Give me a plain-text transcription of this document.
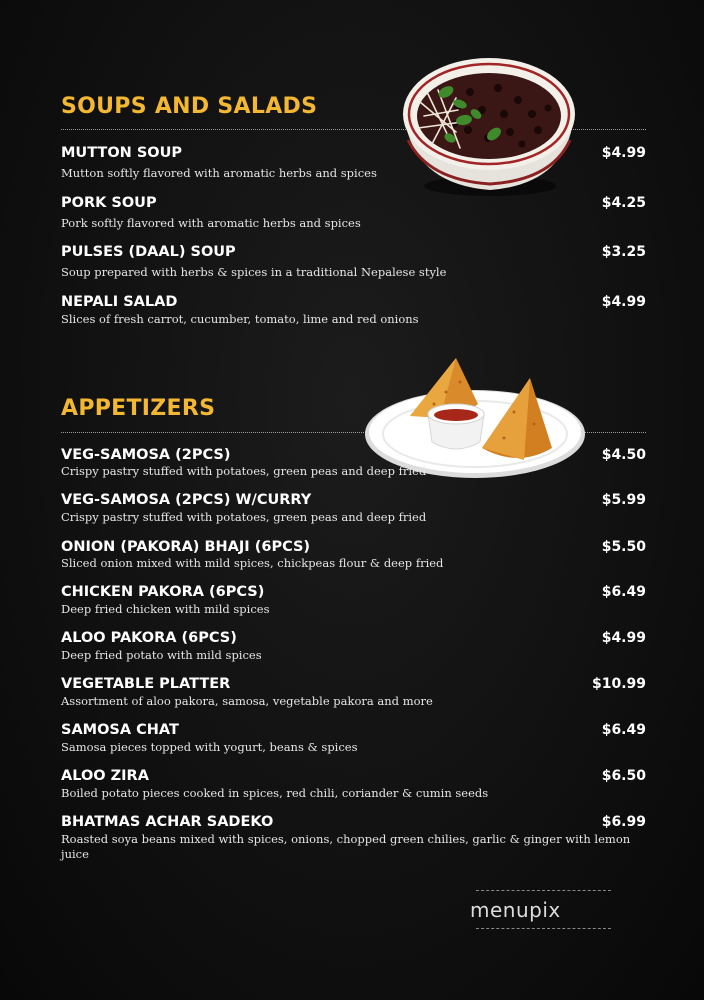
SOUPS AND SALADS
MUTTON SOUP	$4.99
Mutton softly flavored with aromatic herbs and spices
PORK SOUP	$4.25
Pork softly flavored with aromatic herbs and spices
PULSES (DAAL) SOUP	$3.25
Soup prepared with herbs & spices in a traditional Nepalese style
NEPALI SALAD	$4.99
Slices of fresh carrot, cucumber, tomato, lime and red onions
APPETIZERS
VEG-SAMOSA (2PCS)	$4.50
Crispy pastry stuffed with potatoes, green peas and deep fried
VEG-SAMOSA (2PCS) W/CURRY	$5.99
Crispy pastry stuffed with potatoes, green peas and deep fried
ONION (PAKORA) BHAJI (6PCS)	$5.50
Sliced onion mixed with mild spices, chickpeas flour & deep fried
CHICKEN PAKORA (6PCS)	$6.49
Deep fried chicken with mild spices
ALOO PAKORA (6PCS)	$4.99
Deep fried potato with mild spices
VEGETABLE PLATTER	$10.99
Assortment of aloo pakora, samosa, vegetable pakora and more
SAMOSA CHAT	$6.49
Samosa pieces topped with yogurt, beans & spices
ALOO ZIRA	$6.50
Boiled potato pieces cooked in spices, red chili, coriander & cumin seeds
BHATMAS ACHAR SADEKO	$6.99
Roasted soya beans mixed with spices, onions, chopped green chilies, garlic & ginger with lemon juice
menupix
